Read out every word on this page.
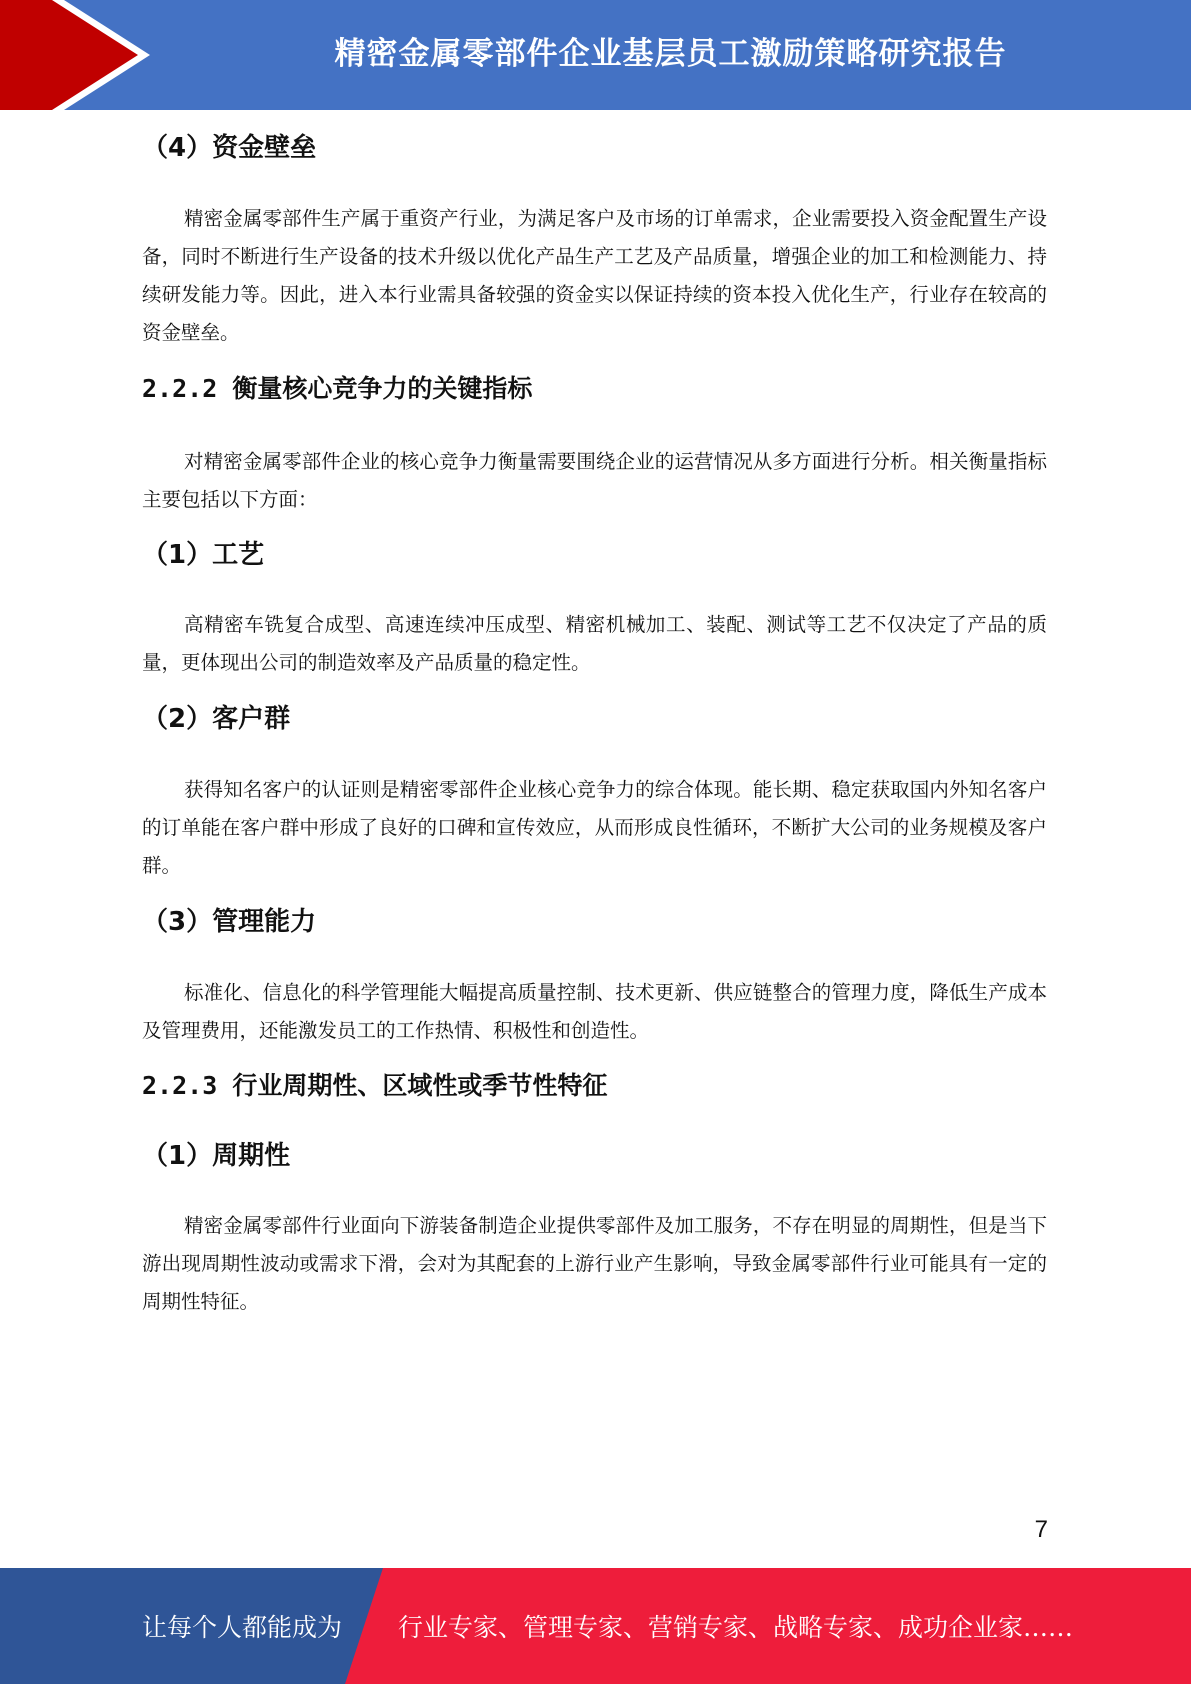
精密金属零部件企业基层员工激励策略研究报告
（4）资金壁垒

精密金属零部件生产属于重资产行业，为满足客户及市场的订单需求，企业需要投入资金配置生产设备，同时不断进行生产设备的技术升级以优化产品生产工艺及产品质量，增强企业的加工和检测能力、持续研发能力等。因此，进入本行业需具备较强的资金实以保证持续的资本投入优化生产，行业存在较高的资金壁垒。

2.2.2 衡量核心竞争力的关键指标

对精密金属零部件企业的核心竞争力衡量需要围绕企业的运营情况从多方面进行分析。相关衡量指标主要包括以下方面：

（1）工艺

高精密车铣复合成型、高速连续冲压成型、精密机械加工、装配、测试等工艺不仅决定了产品的质量，更体现出公司的制造效率及产品质量的稳定性。

（2）客户群

获得知名客户的认证则是精密零部件企业核心竞争力的综合体现。能长期、稳定获取国内外知名客户的订单能在客户群中形成了良好的口碑和宣传效应，从而形成良性循环，不断扩大公司的业务规模及客户群。

（3）管理能力

标准化、信息化的科学管理能大幅提高质量控制、技术更新、供应链整合的管理力度，降低生产成本及管理费用，还能激发员工的工作热情、积极性和创造性。

2.2.3 行业周期性、区域性或季节性特征
（1）周期性

精密金属零部件行业面向下游装备制造企业提供零部件及加工服务，不存在明显的周期性，但是当下游出现周期性波动或需求下滑，会对为其配套的上游行业产生影响，导致金属零部件行业可能具有一定的周期性特征。

7
让每个人都能成为 行业专家、管理专家、营销专家、战略专家、成功企业家……
